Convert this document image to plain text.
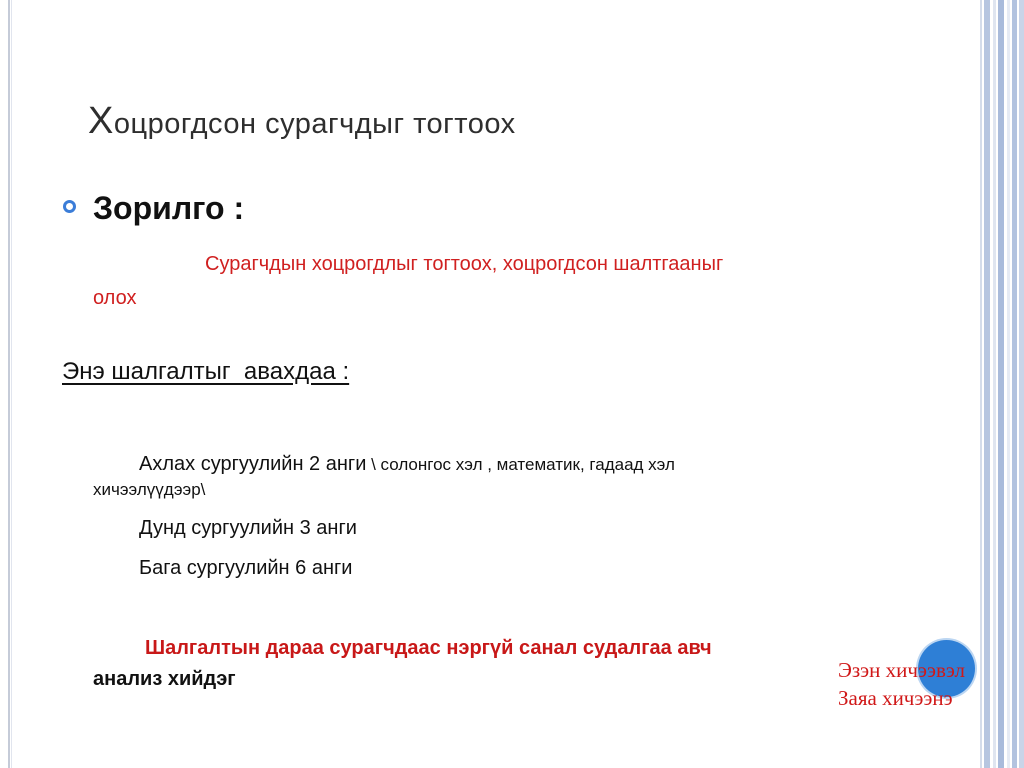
Хоцрогдсон сурагчдыг тогтоох
Зорилго :
Сурагчдын хоцрогдлыг тогтоох, хоцрогдсон шалтгааныг
олох
Энэ шалгалтыг  авахдаа :
Ахлах сургуулийн 2 анги \ солонгос хэл , математик, гадаад хэл
хичээлүүдээр\
Дунд сургуулийн 3 анги
Бага сургуулийн 6 анги
Шалгалтын дараа сурагчдаас нэргүй санал судалгаа авч
анализ хийдэг	Эзэн хичээвэл
Заяа хичээнэ
